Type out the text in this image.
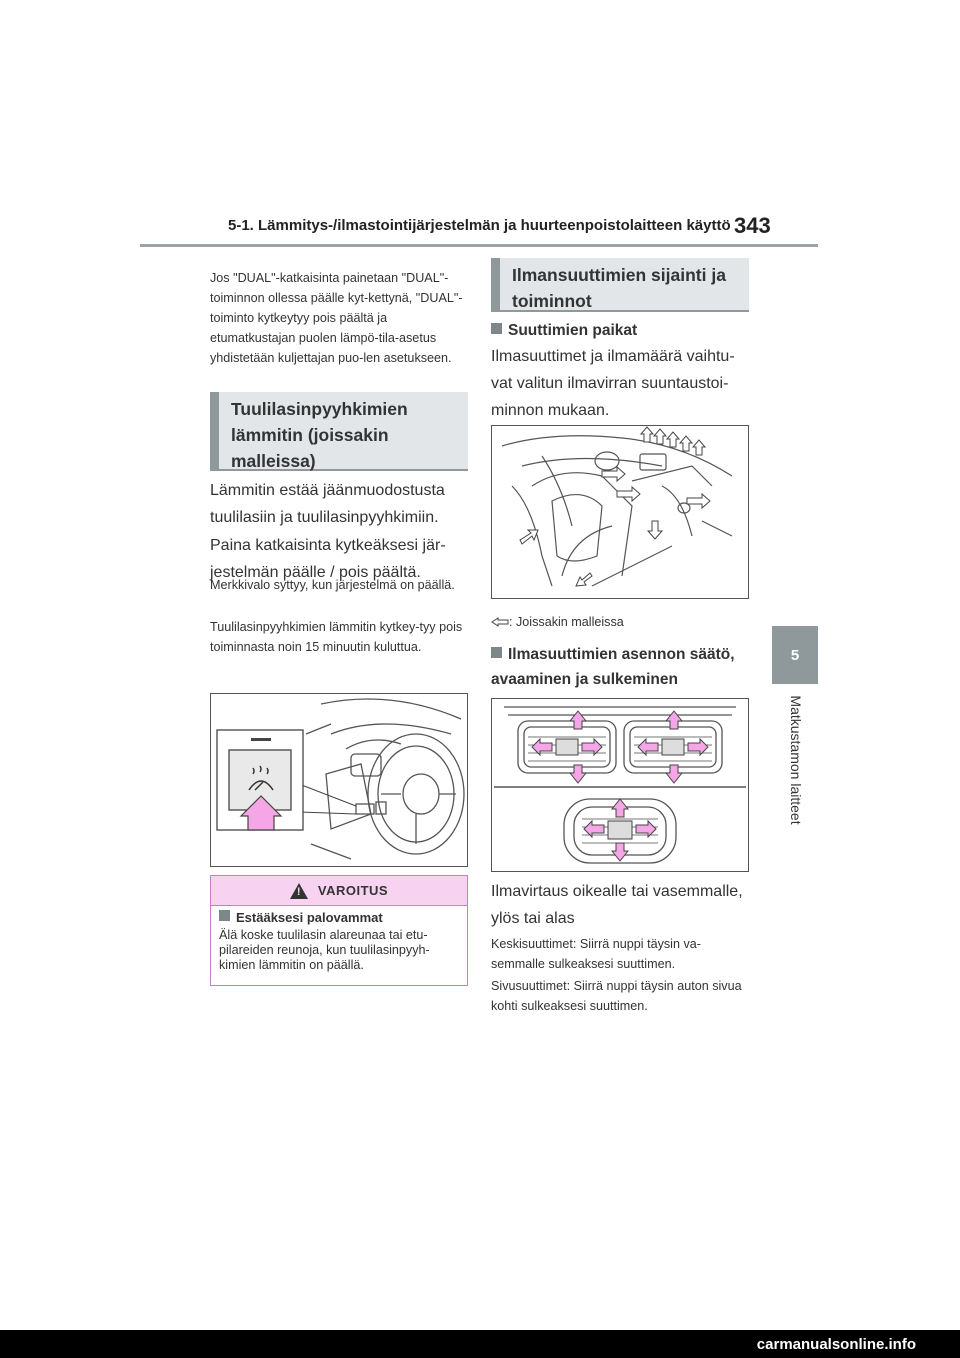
5-1. Lämmitys-/ilmastointijärjestelmän ja huurteenpoistolaitteen käyttö 343
5
Matkustamon laitteet
Jos "DUAL"-katkaisinta painetaan "DUAL"-toiminnon ollessa päälle kyt-kettynä, "DUAL"-toiminto kytkeytyy pois päältä ja etumatkustajan puolen lämpö-tila-asetus yhdistetään kuljettajan puo-len asetukseen.
Tuulilasinpyyhkimien lämmitin (joissakin malleissa)
Lämmitin estää jäänmuodostusta tuulilasiin ja tuulilasinpyyhkimiin.
Paina katkaisinta kytkeäksesi jär-jestelmän päälle / pois päältä.
Merkkivalo syttyy, kun järjestelmä on päällä.
Tuulilasinpyyhkimien lämmitin kytkey-tyy pois toiminnasta noin 15 minuutin kuluttua.
! VAROITUS
Estääksesi palovammat
Älä koske tuulilasin alareunaa tai etu-pilareiden reunoja, kun tuulilasinpyyh-kimien lämmitin on päällä.
Ilmansuuttimien sijainti ja toiminnot
Suuttimien paikat
Ilmasuuttimet ja ilmamäärä vaihtu-vat valitun ilmavirran suuntaustoi-minnon mukaan.
: Joissakin malleissa
Ilmasuuttimien asennon säätö, avaaminen ja sulkeminen
Ilmavirtaus oikealle tai vasemmalle, ylös tai alas
Keskisuuttimet: Siirrä nuppi täysin va-semmalle sulkeaksesi suuttimen.
Sivusuuttimet: Siirrä nuppi täysin auton sivua kohti sulkeaksesi suuttimen.
carmanualsonline.info
